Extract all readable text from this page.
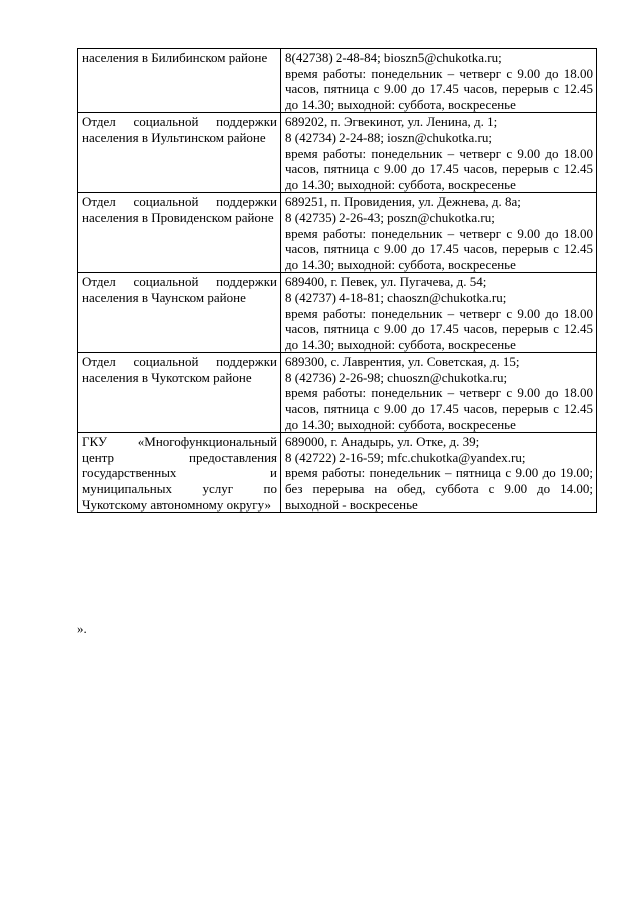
населения в Билибинском районе	8(42738) 2-48-84; bioszn5@chukotka.ru;
время работы: понедельник – четверг с 9.00 до 18.00 часов, пятница с 9.00 до 17.45 часов, перерыв с 12.45 до 14.30; выходной: суббота, воскресенье

Отдел социальной поддержки населения в Иультинском районе	689202, п. Эгвекинот, ул. Ленина, д. 1;
8 (42734) 2-24-88; ioszn@chukotka.ru;
время работы: понедельник – четверг с 9.00 до 18.00 часов, пятница с 9.00 до 17.45 часов, перерыв с 12.45 до 14.30; выходной: суббота, воскресенье

Отдел социальной поддержки населения в Провиденском районе	689251, п. Провидения, ул. Дежнева, д. 8а;
8 (42735) 2-26-43; poszn@chukotka.ru;
время работы: понедельник – четверг с 9.00 до 18.00 часов, пятница с 9.00 до 17.45 часов, перерыв с 12.45 до 14.30; выходной: суббота, воскресенье

Отдел социальной поддержки населения в Чаунском районе	689400, г. Певек, ул. Пугачева, д. 54;
8 (42737) 4-18-81; chaoszn@chukotka.ru;
время работы: понедельник – четверг с 9.00 до 18.00 часов, пятница с 9.00 до 17.45 часов, перерыв с 12.45 до 14.30; выходной: суббота, воскресенье

Отдел социальной поддержки населения в Чукотском районе	689300, с. Лаврентия, ул. Советская, д. 15;
8 (42736) 2-26-98; chuoszn@chukotka.ru;
время работы: понедельник – четверг с 9.00 до 18.00 часов, пятница с 9.00 до 17.45 часов, перерыв с 12.45 до 14.30; выходной: суббота, воскресенье

ГКУ «Многофункциональный центр предоставления государственных и муниципальных услуг по Чукотскому автономному округу»	689000, г. Анадырь, ул. Отке, д. 39;
8 (42722) 2-16-59; mfc.chukotka@yandex.ru;
время работы: понедельник – пятница с 9.00 до 19.00; без перерыва на обед, суббота с 9.00 до 14.00; выходной - воскресенье
».
